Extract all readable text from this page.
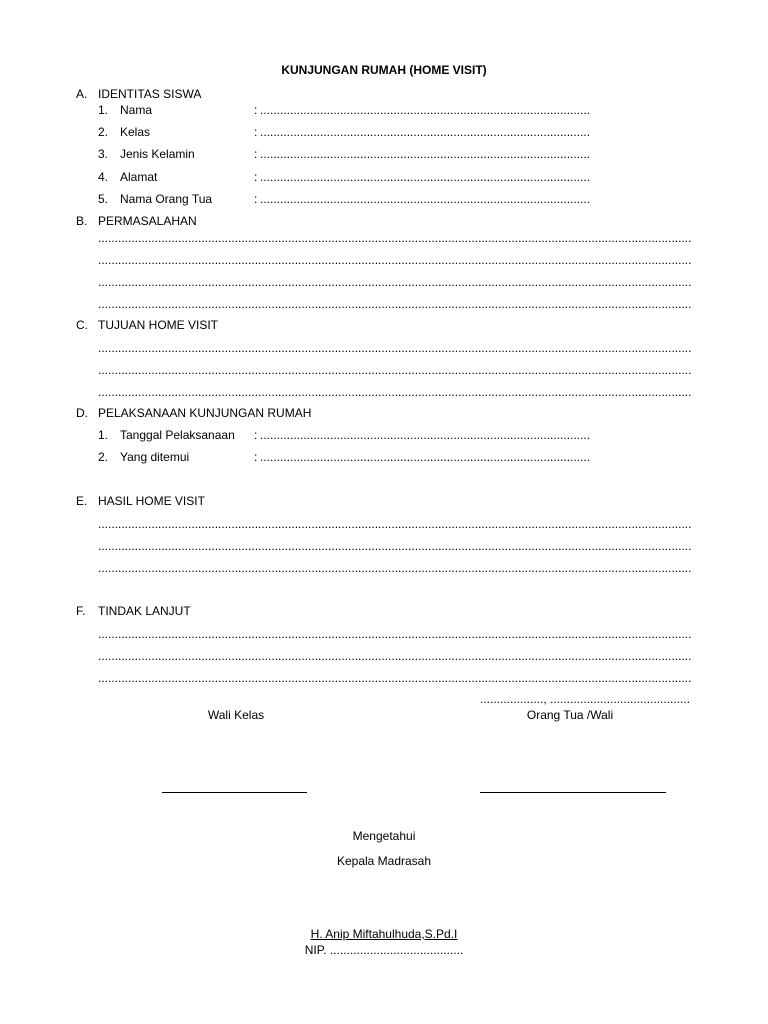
KUNJUNGAN RUMAH (HOME VISIT)
A. IDENTITAS SISWA
1. Nama	:
.....
2. Kelas	:
.....
3. Jenis Kelamin	:
.....
4. Alamat	:
.....
5. Nama Orang Tua	:
.....
B. PERMASALAHAN
.....
.....
.....
.....
C. TUJUAN HOME VISIT
.....
.....
.....
D. PELAKSANAAN KUNJUNGAN RUMAH
1. Tanggal Pelaksanaan :
.....
2. Yang ditemui	:
.....
E. HASIL HOME VISIT
.....
.....
.....
F. TINDAK LANJUT
.....
.....
.....
..................., ..........................................
Wali Kelas	Orang Tua /Wali
Mengetahui
Kepala Madrasah
H. Anip Miftahulhuda,S.Pd.I
NIP. ........................................
